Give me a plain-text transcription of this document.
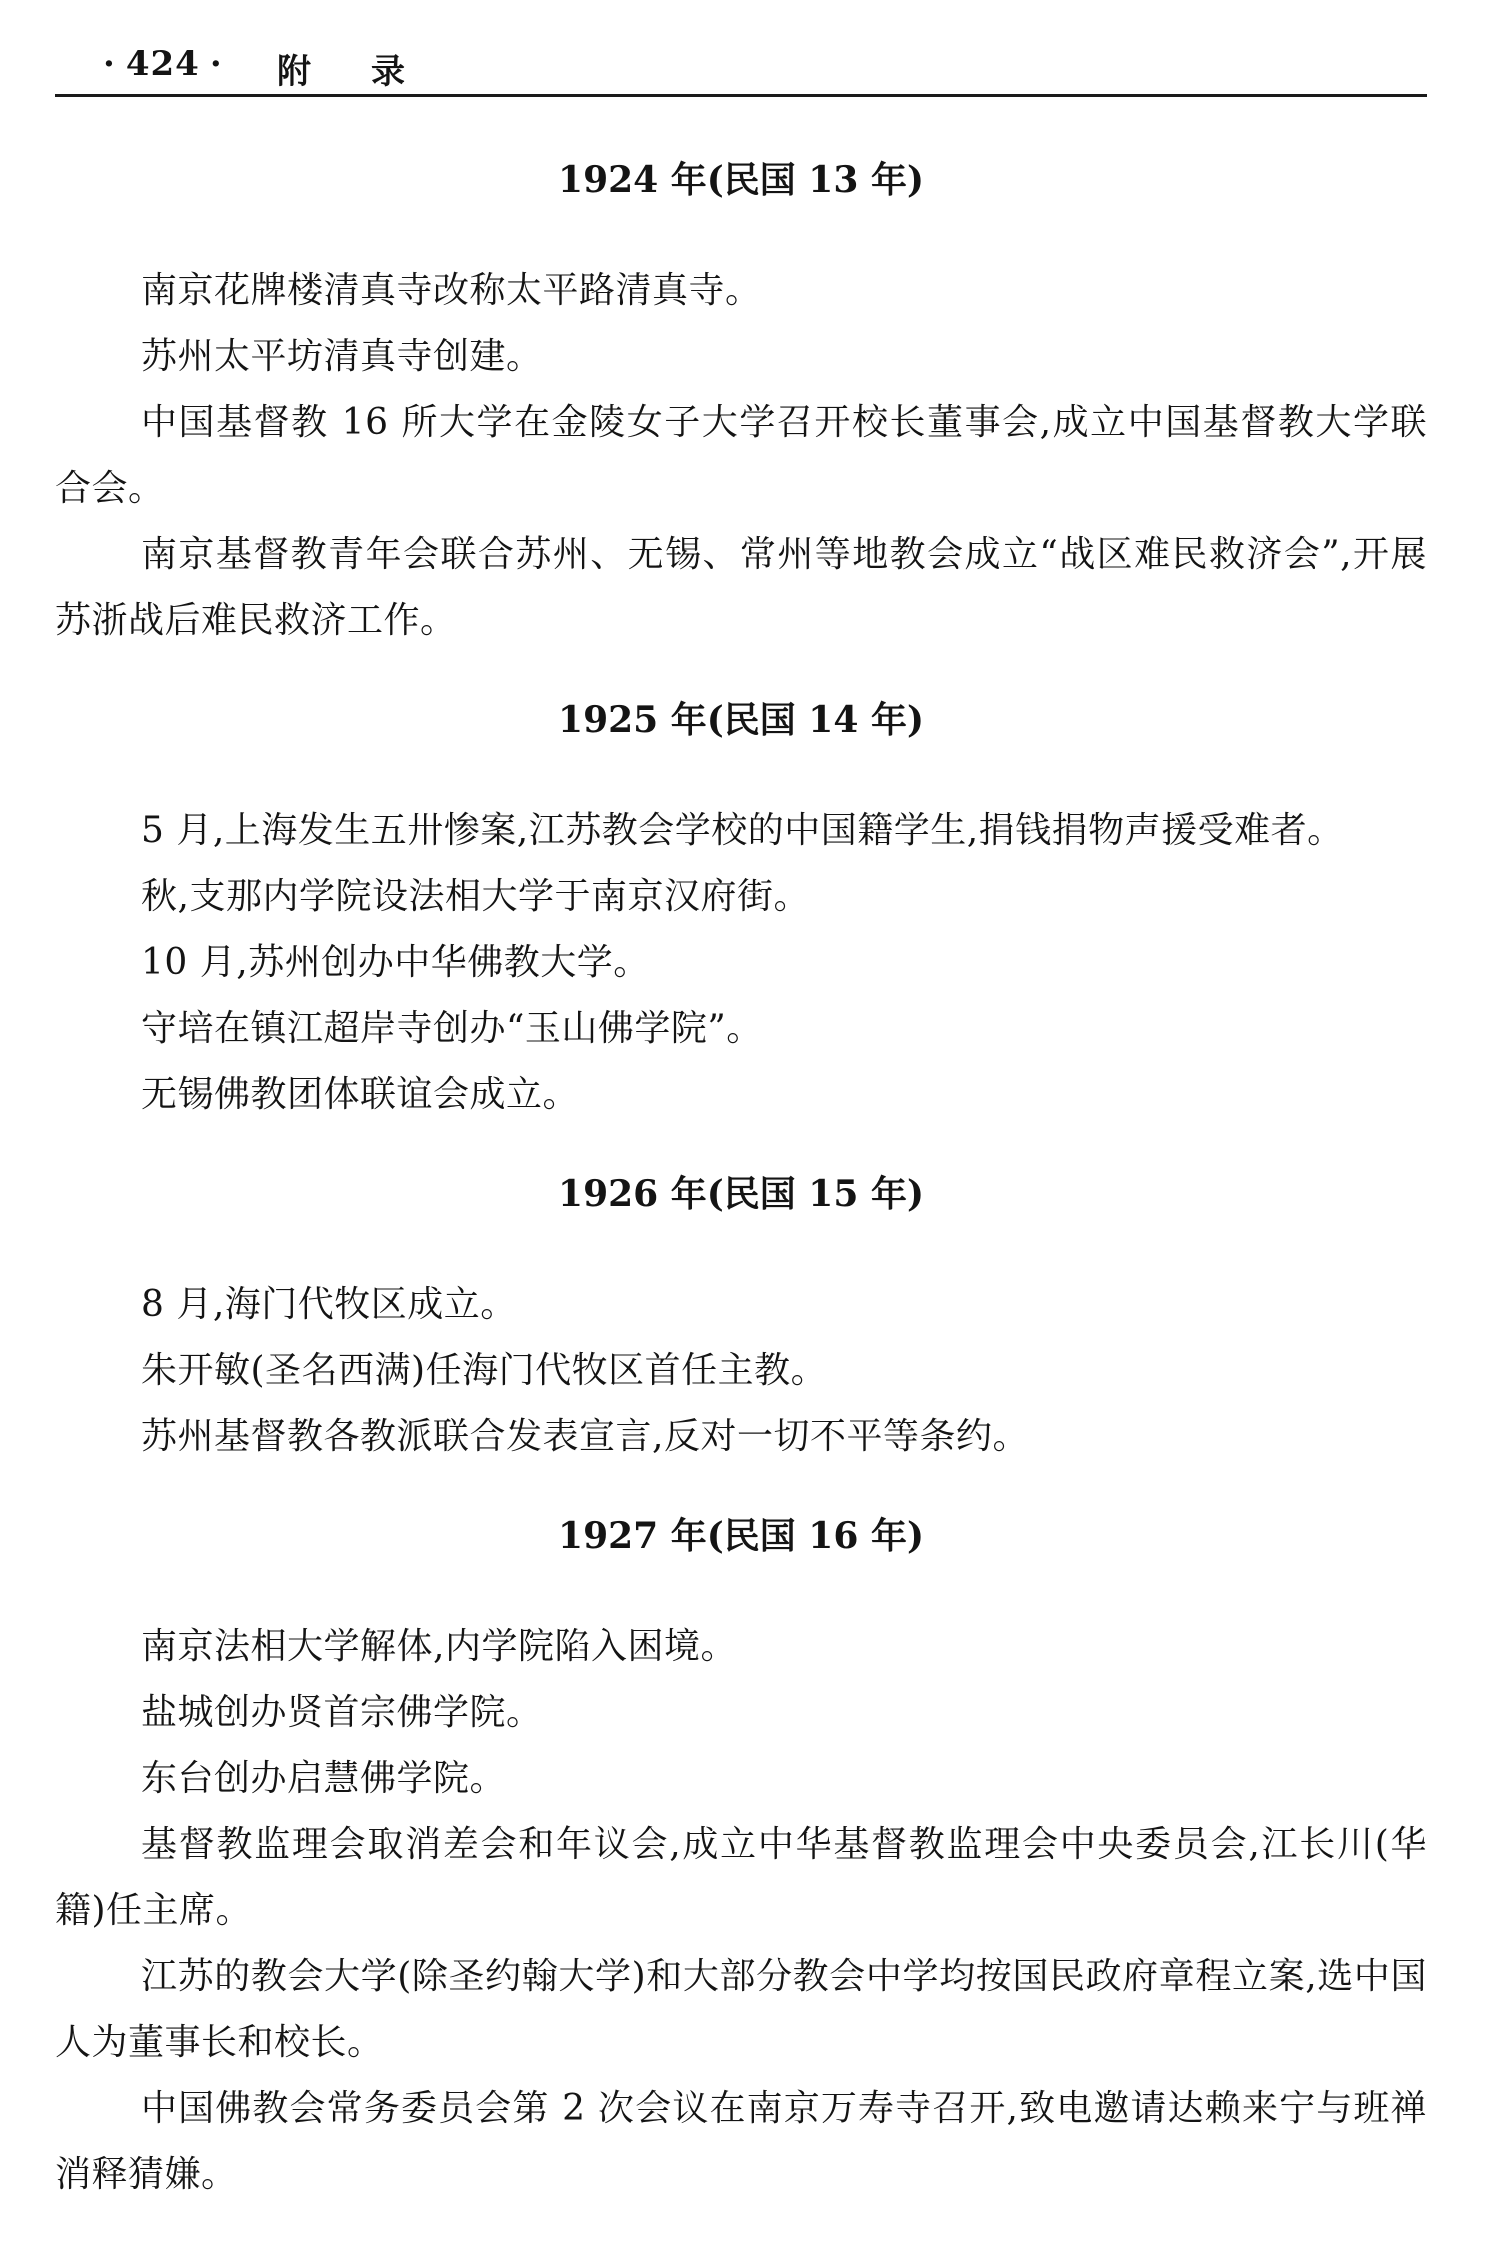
· 424 · 附录
1924 年(民国 13 年)

南京花牌楼清真寺改称太平路清真寺。

苏州太平坊清真寺创建。

中国基督教 16 所大学在金陵女子大学召开校长董事会,成立中国基督教大学联合会。

南京基督教青年会联合苏州、无锡、常州等地教会成立“战区难民救济会”,开展苏浙战后难民救济工作。

1925 年(民国 14 年)

5 月,上海发生五卅惨案,江苏教会学校的中国籍学生,捐钱捐物声援受难者。

秋,支那内学院设法相大学于南京汉府街。

10 月,苏州创办中华佛教大学。

守培在镇江超岸寺创办“玉山佛学院”。

无锡佛教团体联谊会成立。

1926 年(民国 15 年)

8 月,海门代牧区成立。

朱开敏(圣名西满)任海门代牧区首任主教。

苏州基督教各教派联合发表宣言,反对一切不平等条约。

1927 年(民国 16 年)

南京法相大学解体,内学院陷入困境。

盐城创办贤首宗佛学院。

东台创办启慧佛学院。

基督教监理会取消差会和年议会,成立中华基督教监理会中央委员会,江长川(华籍)任主席。

江苏的教会大学(除圣约翰大学)和大部分教会中学均按国民政府章程立案,选中国人为董事长和校长。

中国佛教会常务委员会第 2 次会议在南京万寿寺召开,致电邀请达赖来宁与班禅消释猜嫌。
